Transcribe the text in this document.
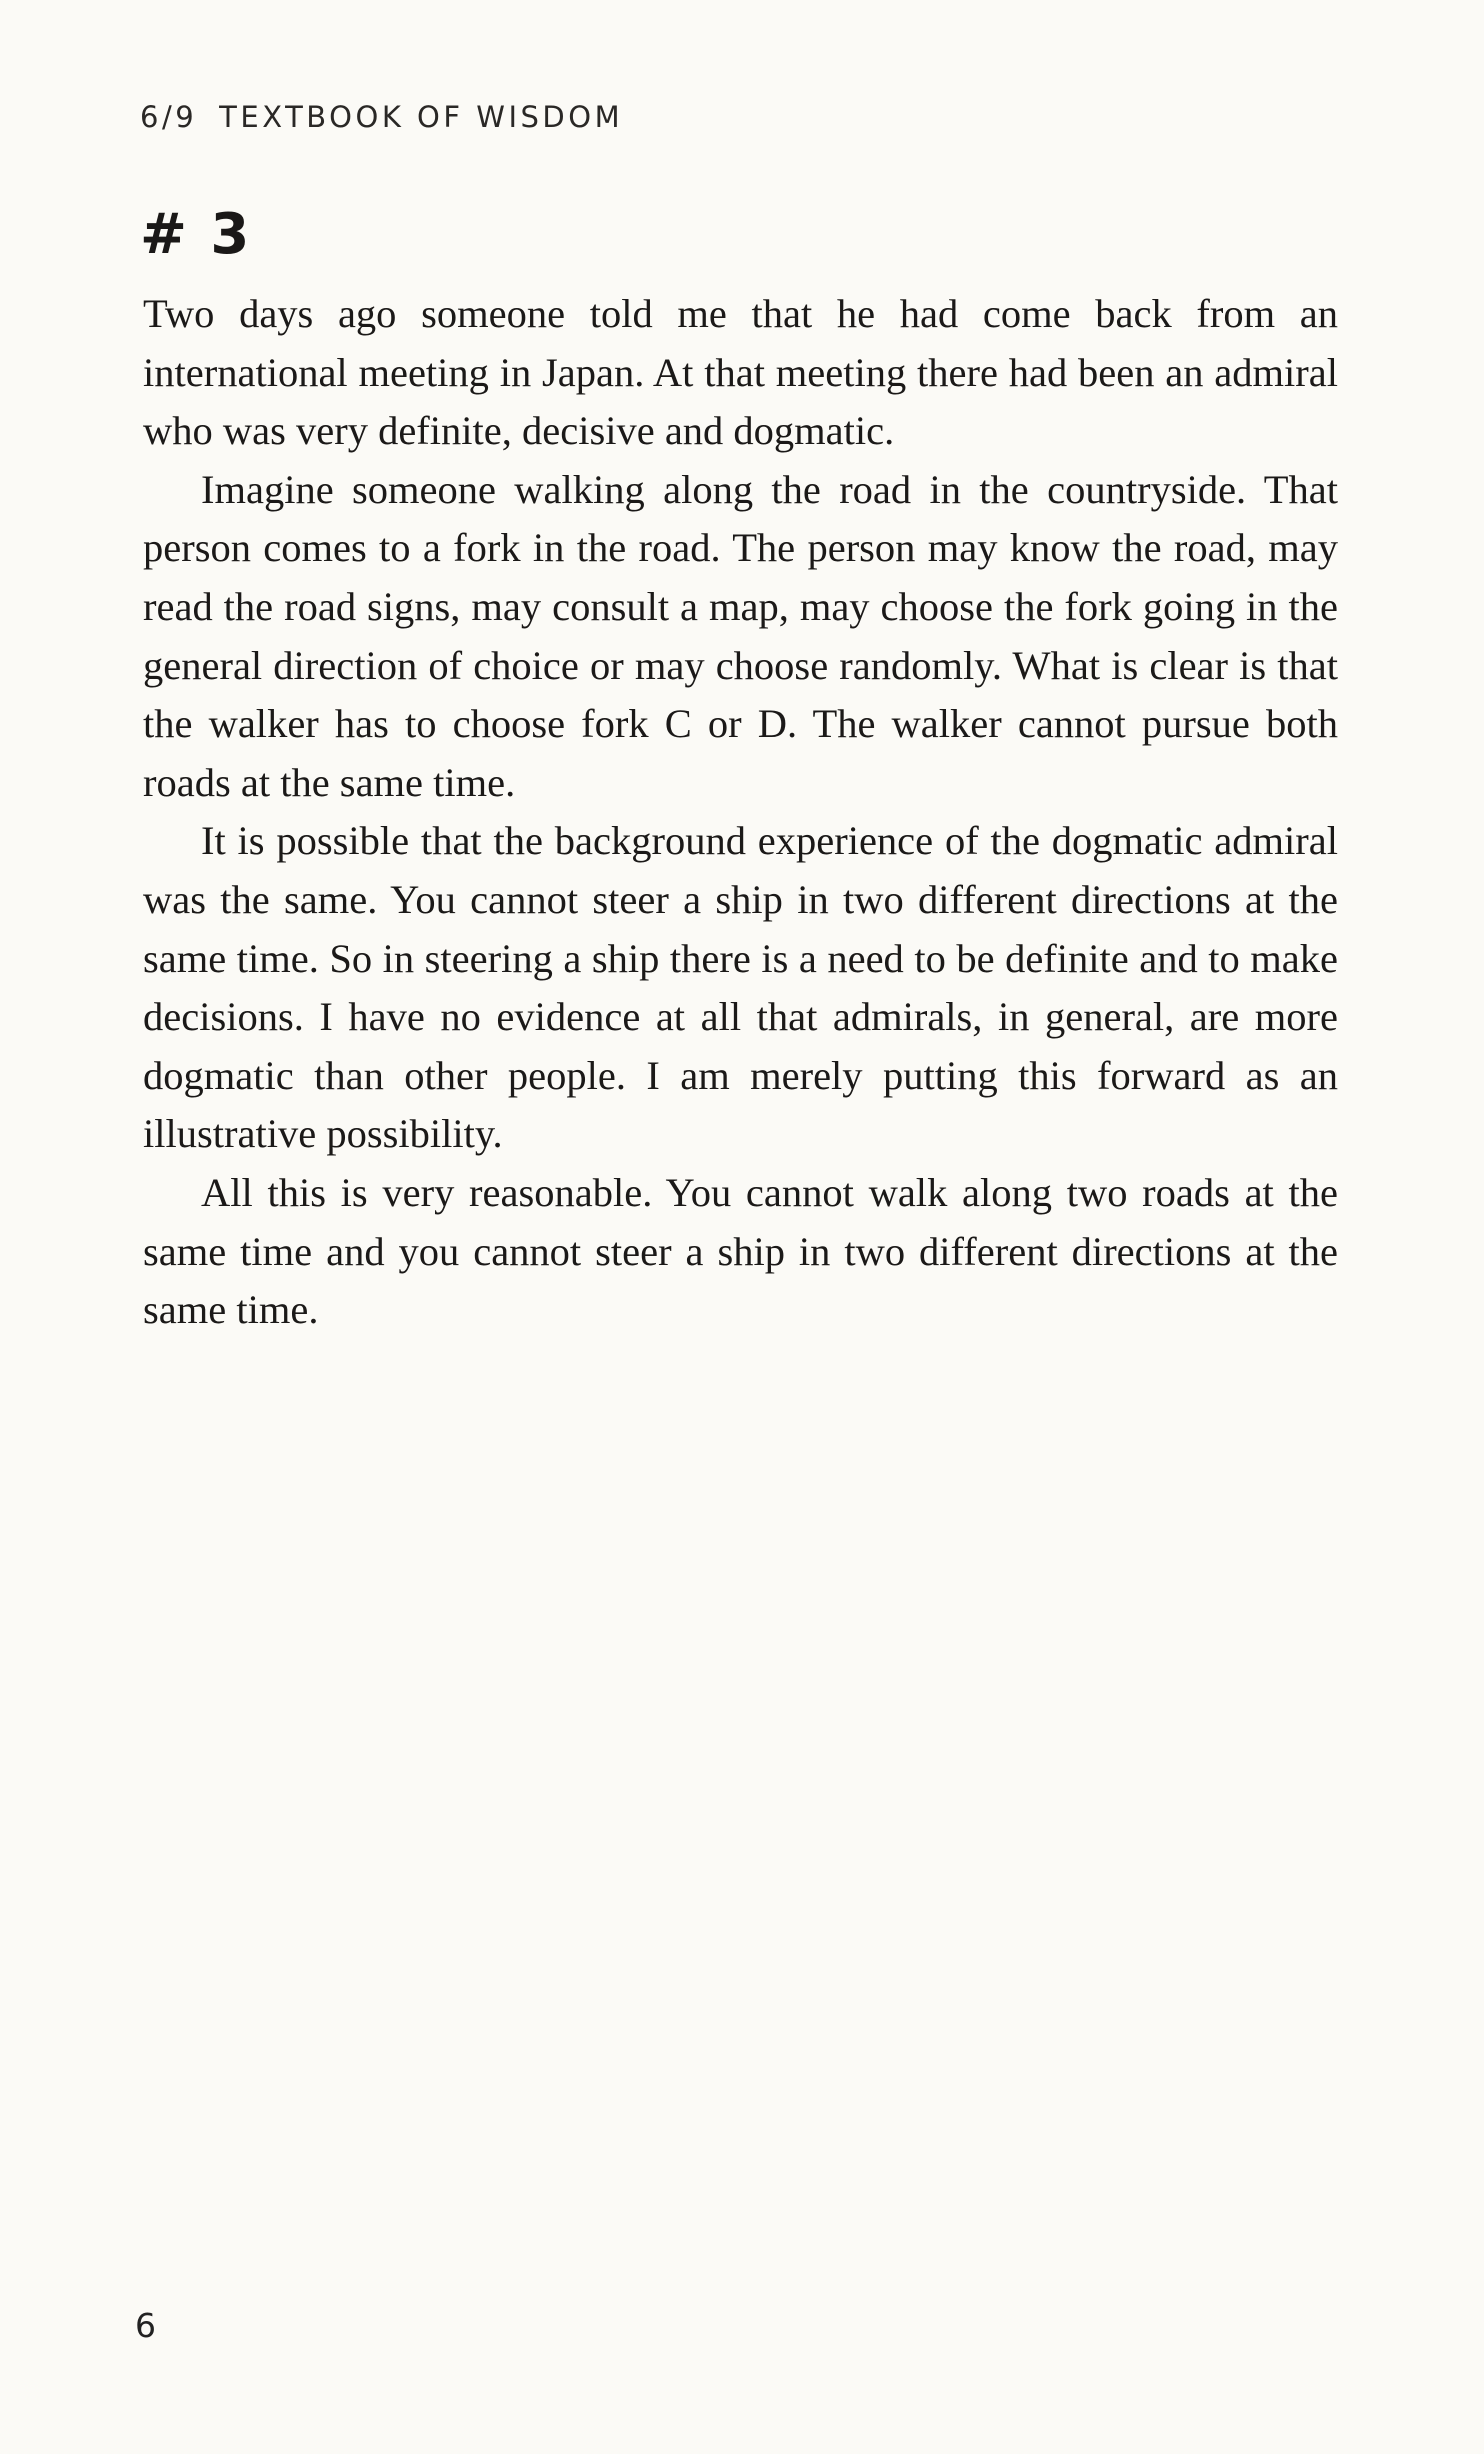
6/9 TEXTBOOK OF WISDOM
# 3

Two days ago someone told me that he had come back from an international meeting in Japan. At that meeting there had been an admiral who was very definite, decisive and dogmatic.

Imagine someone walking along the road in the countryside. That person comes to a fork in the road. The person may know the road, may read the road signs, may consult a map, may choose the fork going in the general direction of choice or may choose randomly. What is clear is that the walker has to choose fork C or D. The walker cannot pursue both roads at the same time.

It is possible that the background experience of the dogmatic admiral was the same. You cannot steer a ship in two different directions at the same time. So in steering a ship there is a need to be definite and to make decisions. I have no evidence at all that admirals, in general, are more dogmatic than other people. I am merely putting this forward as an illustrative possibility.

All this is very reasonable. You cannot walk along two roads at the same time and you cannot steer a ship in two different directions at the same time.

6
